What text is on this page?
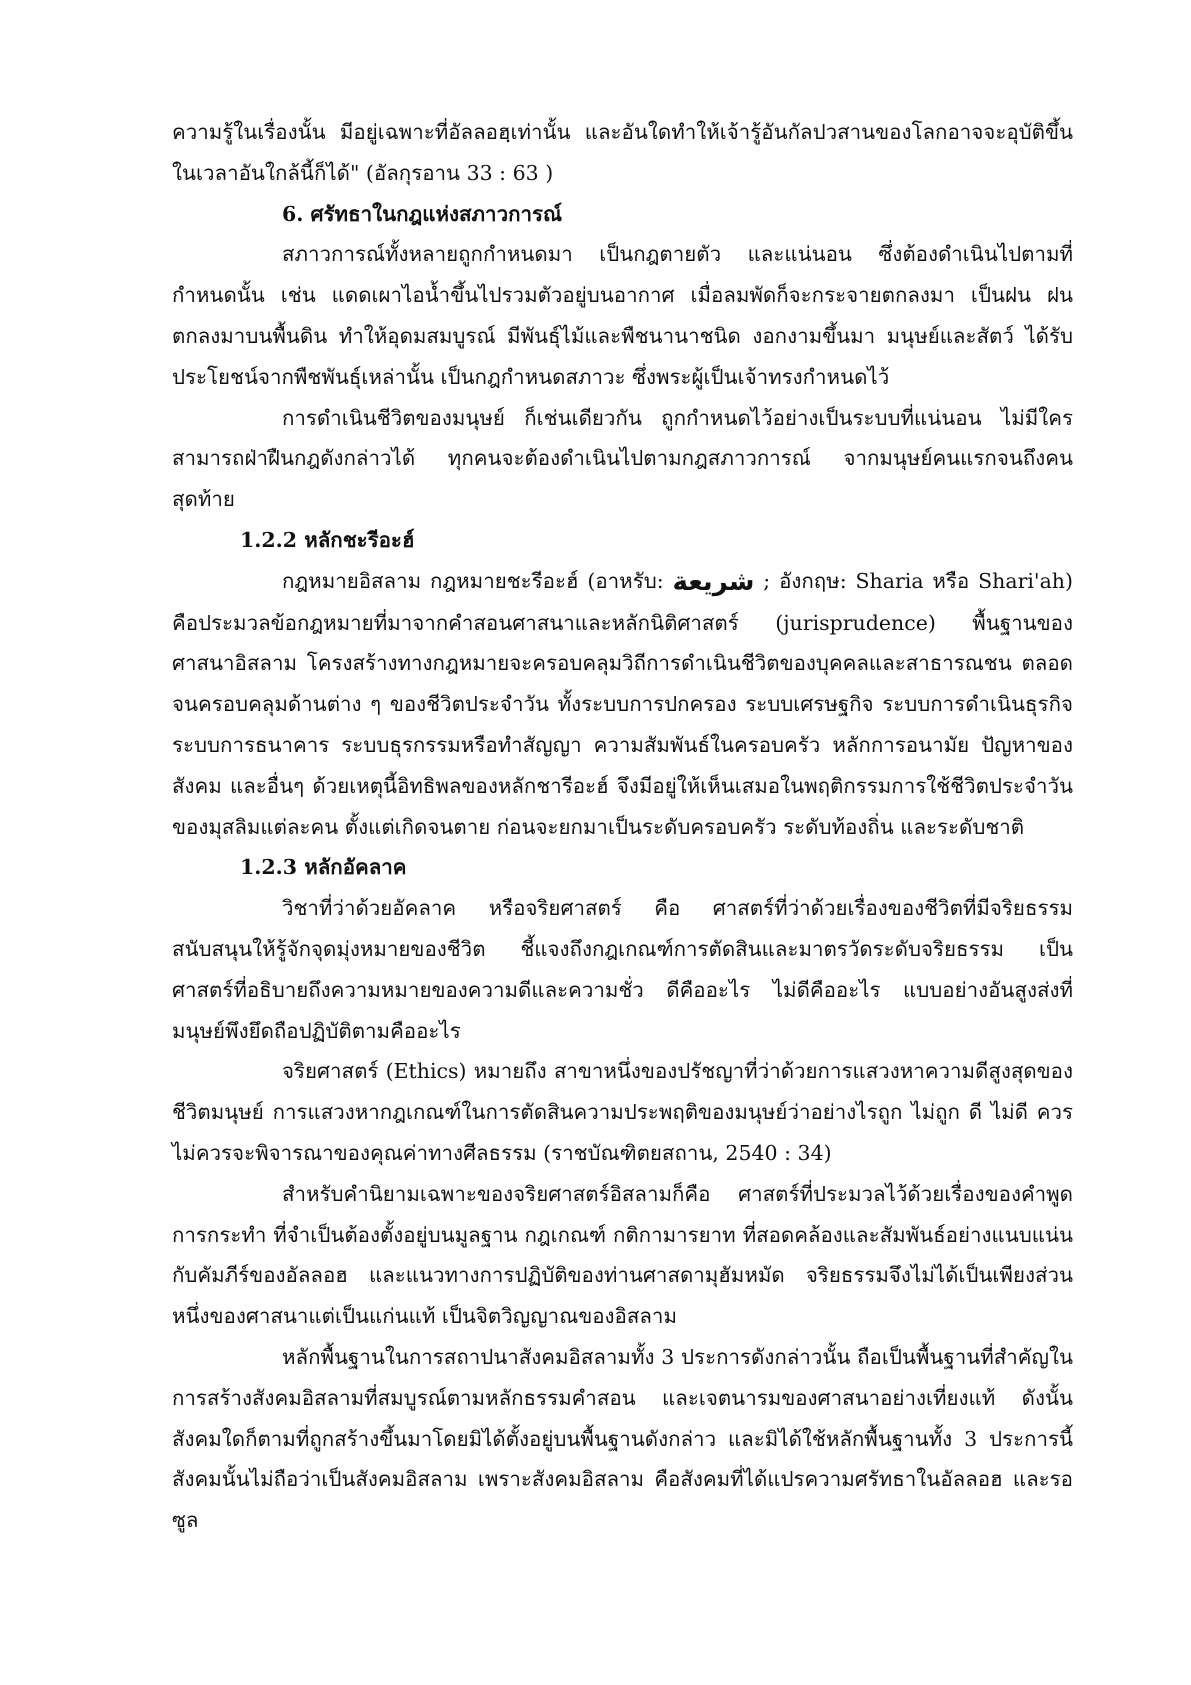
ความรู้ในเรื่องนั้น มีอยู่เฉพาะที่อัลลอฮฺเท่านั้น และอันใดทำให้เจ้ารู้อันกัลปวสานของโลกอาจจะอุบัติขึ้นในเวลาอันใกล้นี้ก็ได้" (อัลกุรอาน 33 : 63 )

6. ศรัทธาในกฎแห่งสภาวการณ์

สภาวการณ์ทั้งหลายถูกกำหนดมา เป็นกฎตายตัว และแน่นอน ซึ่งต้องดำเนินไปตามที่กำหนดนั้น เช่น แดดเผาไอน้ำขึ้นไปรวมตัวอยู่บนอากาศ เมื่อลมพัดก็จะกระจายตกลงมา เป็นฝน ฝนตกลงมาบนพื้นดิน ทำให้อุดมสมบูรณ์ มีพันธุ์ไม้และพืชนานาชนิด งอกงามขึ้นมา มนุษย์และสัตว์ ได้รับประโยชน์จากพืชพันธุ์เหล่านั้น เป็นกฎกำหนดสภาวะ ซึ่งพระผู้เป็นเจ้าทรงกำหนดไว้

การดำเนินชีวิตของมนุษย์ ก็เช่นเดียวกัน ถูกกำหนดไว้อย่างเป็นระบบที่แน่นอน ไม่มีใครสามารถฝ่าฝืนกฎดังกล่าวได้ ทุกคนจะต้องดำเนินไปตามกฎสภาวการณ์ จากมนุษย์คนแรกจนถึงคนสุดท้าย

1.2.2 หลักชะรีอะฮ์

กฎหมายอิสลาม กฎหมายชะรีอะฮ์ (อาหรับ: شريعة ; อังกฤษ: Sharia หรือ Shari'ah) คือประมวลข้อกฎหมายที่มาจากคำสอนศาสนาและหลักนิติศาสตร์ (jurisprudence) พื้นฐานของศาสนาอิสลาม โครงสร้างทางกฎหมายจะครอบคลุมวิถีการดำเนินชีวิตของบุคคลและสาธารณชน ตลอด จนครอบคลุมด้านต่าง ๆ ของชีวิตประจำวัน ทั้งระบบการปกครอง ระบบเศรษฐกิจ ระบบการดำเนินธุรกิจ ระบบการธนาคาร ระบบธุรกรรมหรือทำสัญญา ความสัมพันธ์ในครอบครัว หลักการอนามัย ปัญหาของสังคม และอื่นๆ ด้วยเหตุนี้อิทธิพลของหลักชารีอะฮ์ จึงมีอยู่ให้เห็นเสมอในพฤติกรรมการใช้ชีวิตประจำวันของมุสลิมแต่ละคน ตั้งแต่เกิดจนตาย ก่อนจะยกมาเป็นระดับครอบครัว ระดับท้องถิ่น และระดับชาติ

1.2.3 หลักอัคลาค

วิชาที่ว่าด้วยอัคลาค หรือจริยศาสตร์ คือ ศาสตร์ที่ว่าด้วยเรื่องของชีวิตที่มีจริยธรรม สนับสนุนให้รู้จักจุดมุ่งหมายของชีวิต ชี้แจงถึงกฎเกณฑ์การตัดสินและมาตรวัดระดับจริยธรรม เป็นศาสตร์ที่อธิบายถึงความหมายของความดีและความชั่ว ดีคืออะไร ไม่ดีคืออะไร แบบอย่างอันสูงส่งที่มนุษย์พึงยึดถือปฏิบัติตามคืออะไร

จริยศาสตร์ (Ethics) หมายถึง สาขาหนึ่งของปรัชญาที่ว่าด้วยการแสวงหาความดีสูงสุดของชีวิตมนุษย์ การแสวงหากฎเกณฑ์ในการตัดสินความประพฤติของมนุษย์ว่าอย่างไรถูก ไม่ถูก ดี ไม่ดี ควร ไม่ควรจะพิจารณาของคุณค่าทางศีลธรรม (ราชบัณฑิตยสถาน, 2540 : 34)

สำหรับคำนิยามเฉพาะของจริยศาสตร์อิสลามก็คือ ศาสตร์ที่ประมวลไว้ด้วยเรื่องของคำพูด การกระทำ ที่จำเป็นต้องตั้งอยู่บนมูลฐาน กฎเกณฑ์ กติกามารยาท ที่สอดคล้องและสัมพันธ์อย่างแนบแน่นกับคัมภีร์ของอัลลอฮ และแนวทางการปฏิบัติของท่านศาสดามุฮัมหมัด จริยธรรมจึงไม่ได้เป็นเพียงส่วนหนึ่งของศาสนาแต่เป็นแก่นแท้ เป็นจิตวิญญาณของอิสลาม

หลักพื้นฐานในการสถาปนาสังคมอิสลามทั้ง 3 ประการดังกล่าวนั้น ถือเป็นพื้นฐานที่สำคัญในการสร้างสังคมอิสลามที่สมบูรณ์ตามหลักธรรมคำสอน และเจตนารมของศาสนาอย่างเที่ยงแท้ ดังนั้นสังคมใดก็ตามที่ถูกสร้างขึ้นมาโดยมิได้ตั้งอยู่บนพื้นฐานดังกล่าว และมิได้ใช้หลักพื้นฐานทั้ง 3 ประการนี้ สังคมนั้นไม่ถือว่าเป็นสังคมอิสลาม เพราะสังคมอิสลาม คือสังคมที่ได้แปรความศรัทธาในอัลลอฮ และรอซูล
